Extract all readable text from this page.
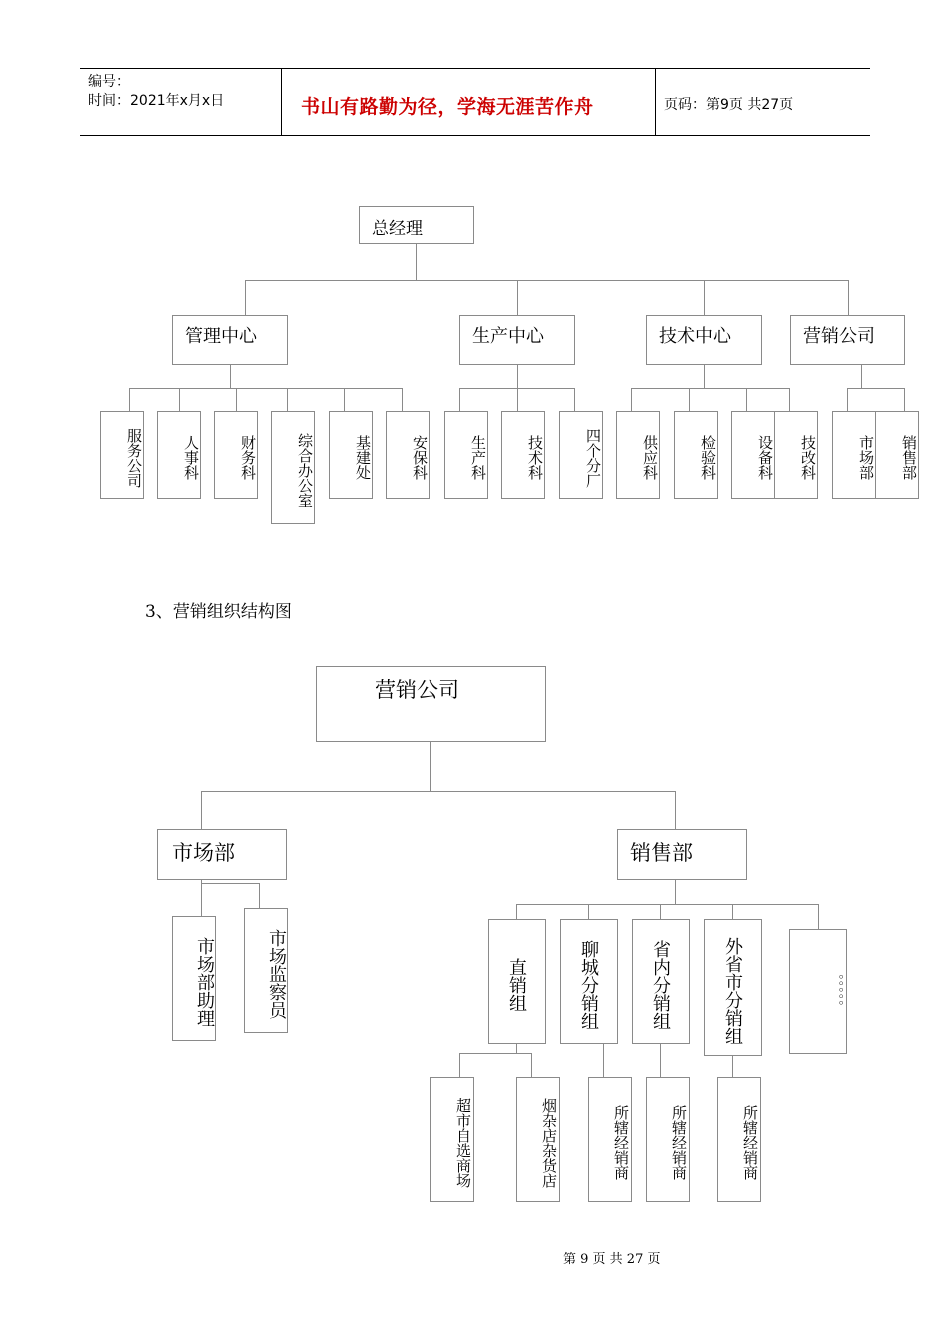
编号：
时间：2021年x月x日	书山有路勤为径，学海无涯苦作舟	页码：第9页 共27页
总经理
管理中心	生产中心	技术中心	营销公司
服务公司	人事科	财务科	综合办公室	基建处	安保科	生产科	技术科	四个分厂	供应科	检验科	设备科	技改科	市场部	销售部
3、营销组织结构图
营销公司
市场部	销售部
市场部助理	市场监察员	直销组	聊城分销组	省内分销组	外省市分销组	。。。。。
超市自选商场	烟杂店杂货店	所辖经销商	所辖经销商	所辖经销商
第 9 页 共 27 页
